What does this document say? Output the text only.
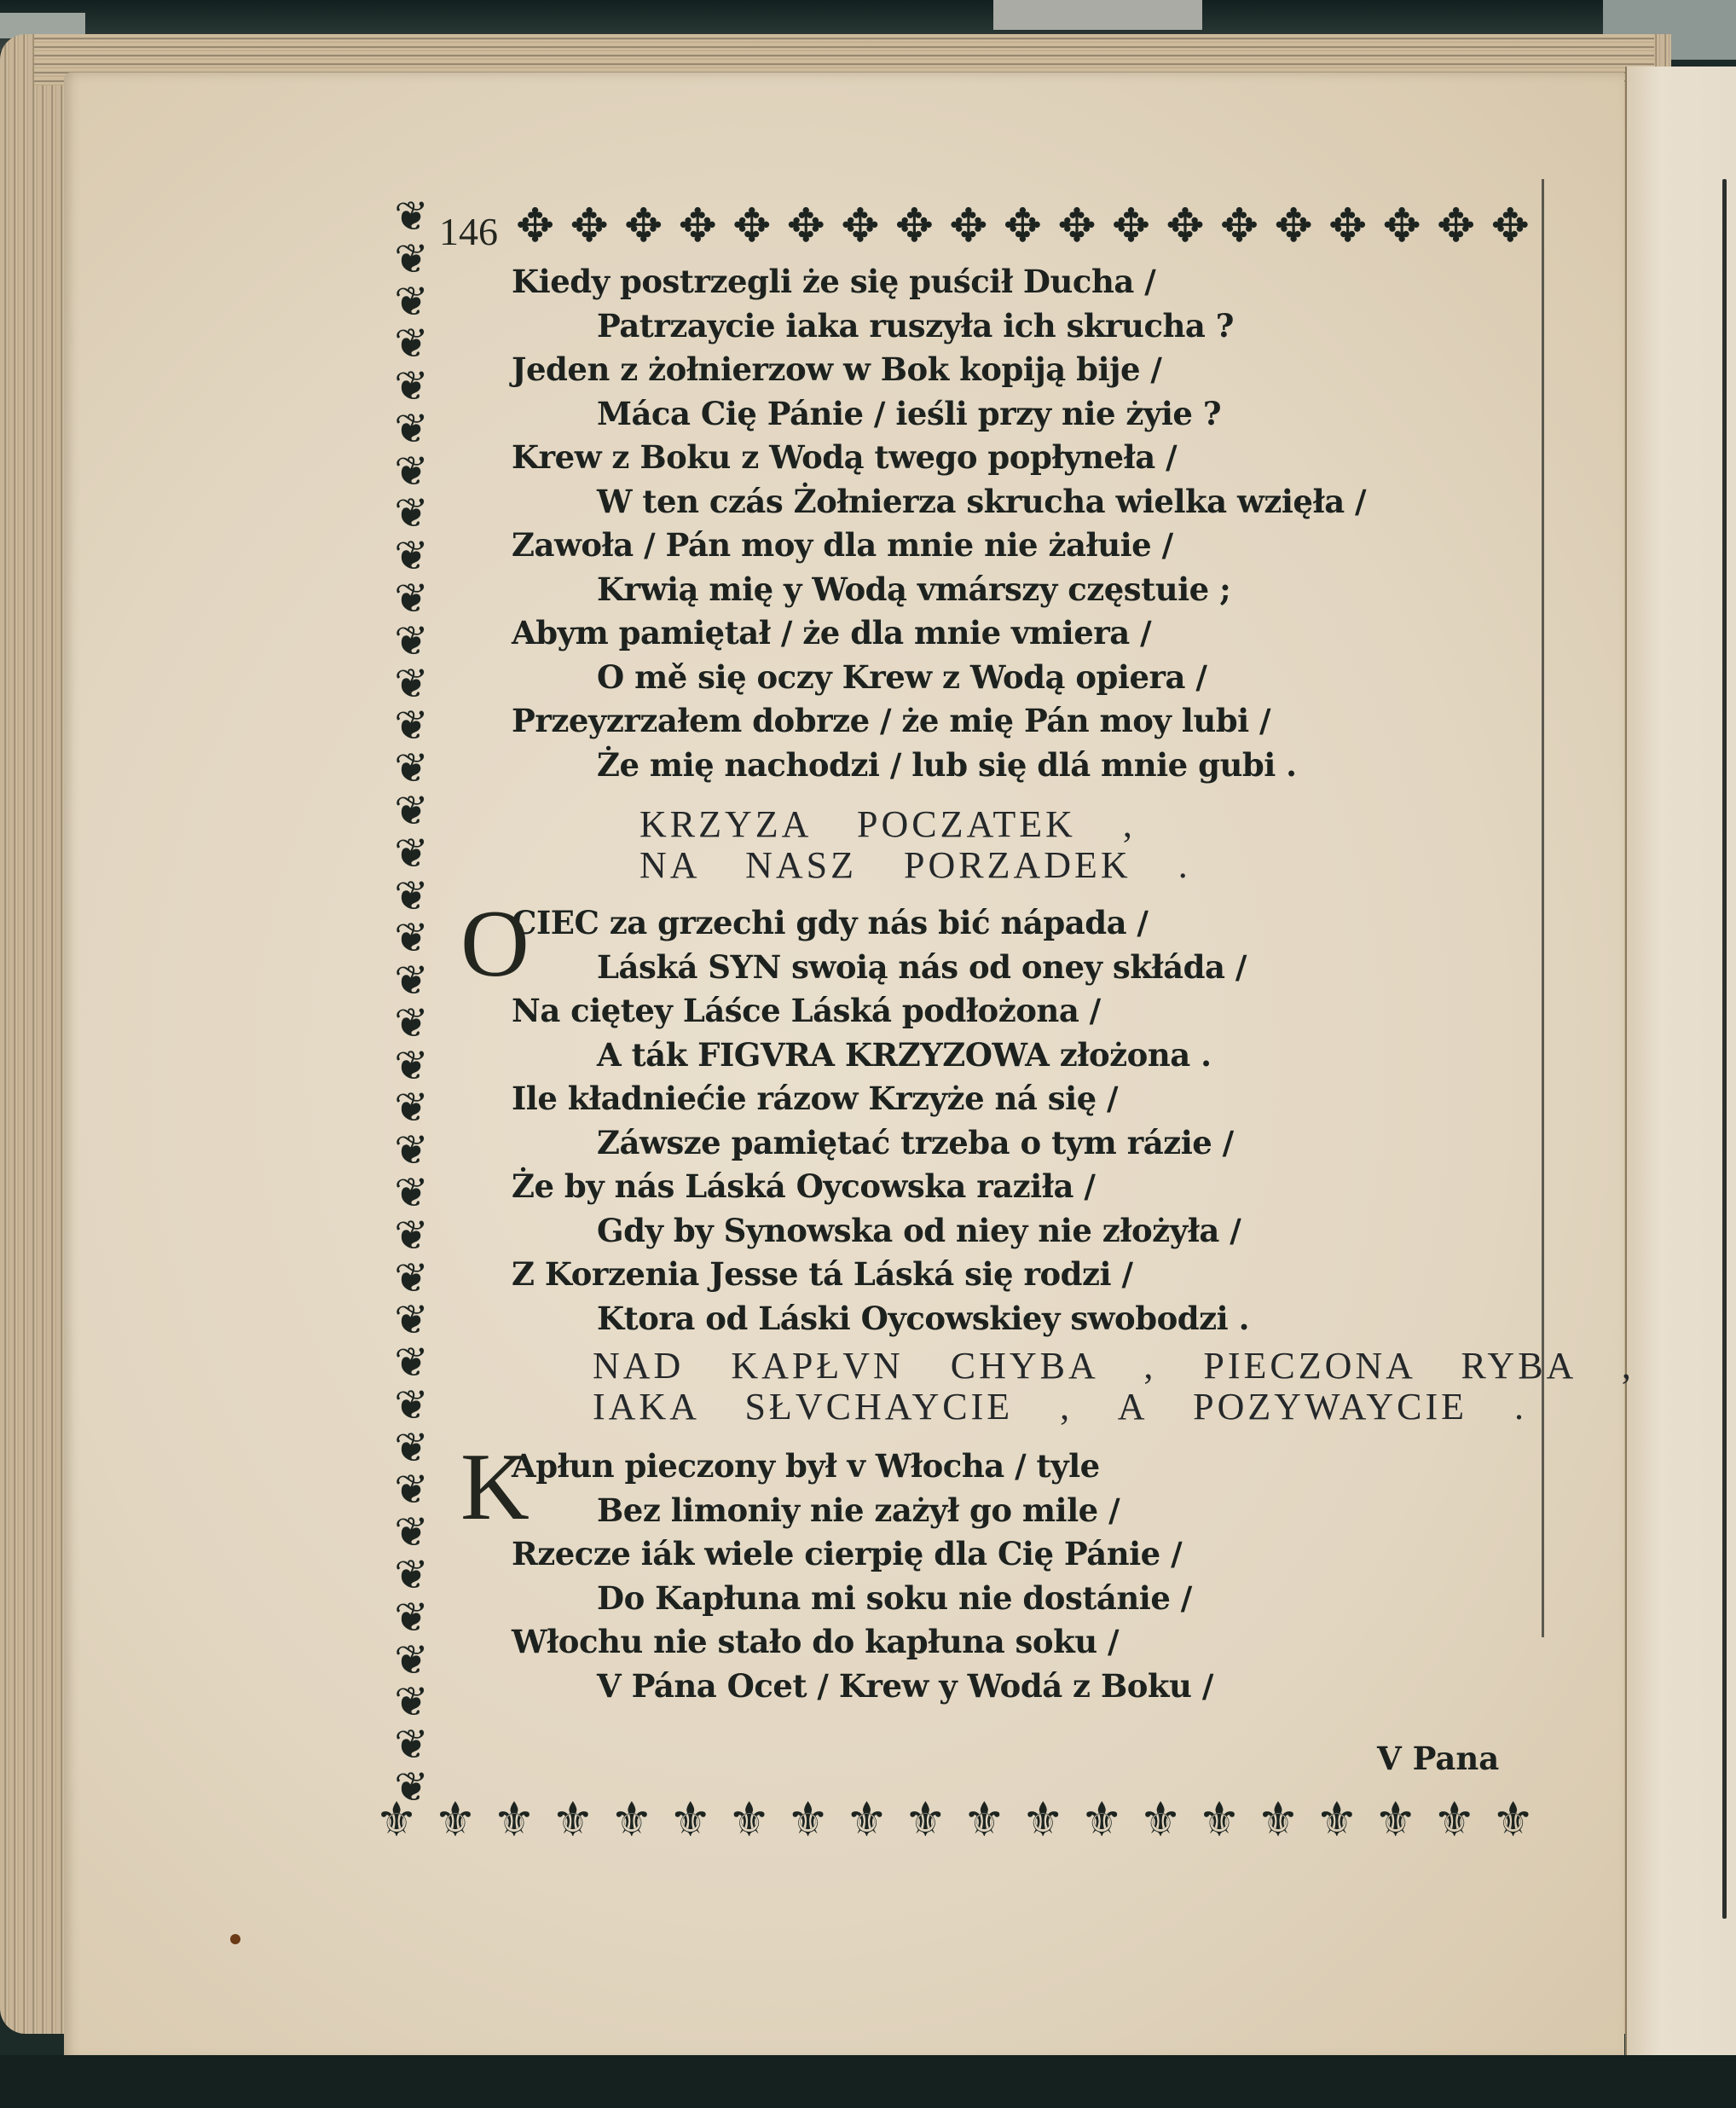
✥ ✥ ✥ ✥ ✥ ✥ ✥ ✥ ✥ ✥ ✥ ✥ ✥ ✥ ✥ ✥ ✥ ✥ ✥
❦
❦
❦
❦
❦
❦
❦
❦
❦
❦
❦
❦
❦
❦
❦
❦
❦
❦
❦
❦
❦
❦
❦
❦
❦
❦
❦
❦
❦
❦
❦
❦
❦
❦
❦
❦
❦
❦
⚜ ⚜ ⚜ ⚜ ⚜ ⚜ ⚜ ⚜ ⚜ ⚜ ⚜ ⚜ ⚜ ⚜ ⚜ ⚜ ⚜ ⚜ ⚜ ⚜
146
Kiedy postrzegli że się puścił Ducha /
Patrzaycie iaka ruszyła ich skrucha ?
Jeden z żołnierzow w Bok kopiją bije /
Máca Cię Pánie / ieśli przy nie żyie ?
Krew z Boku z Wodą twego popłyneła /
W ten czás Żołnierza skrucha wielka wzięła /
Zawoła / Pán moy dla mnie nie żałuie /
Krwią mię y Wodą vmárszy częstuie ;
Abym pamiętał / że dla mnie vmiera /
O mě się oczy Krew z Wodą opiera /
Przeyzrzałem dobrze / że mię Pán moy lubi /
Że mię nachodzi / lub się dlá mnie gubi .
KRZYZA POCZATEK ,
NA NASZ PORZADEK .
O
CIEC za grzechi gdy nás bić nápada /
Láská SYN swoią nás od oney skłáda /
Na ciętey Láśce Láská podłożona /
A ták FIGVRA KRZYZOWA złożona .
Ile kładniećie rázow Krzyże ná się /
Záwsze pamiętać trzeba o tym rázie /
Że by nás Láská Oycowska raziła /
Gdy by Synowska od niey nie złożyła /
Z Korzenia Jesse tá Láská się rodzi /
Ktora od Láski Oycowskiey swobodzi .
NAD KAPŁVN CHYBA , PIECZONA RYBA ,
IAKA SŁVCHAYCIE , A POZYWAYCIE .
K
Apłun pieczony był v Włocha / tyle
Bez limoniy nie zażył go mile /
Rzecze iák wiele cierpię dla Cię Pánie /
Do Kapłuna mi soku nie dostánie /
Włochu nie stało do kapłuna soku /
V Pána Ocet / Krew y Wodá z Boku /
V Pana
